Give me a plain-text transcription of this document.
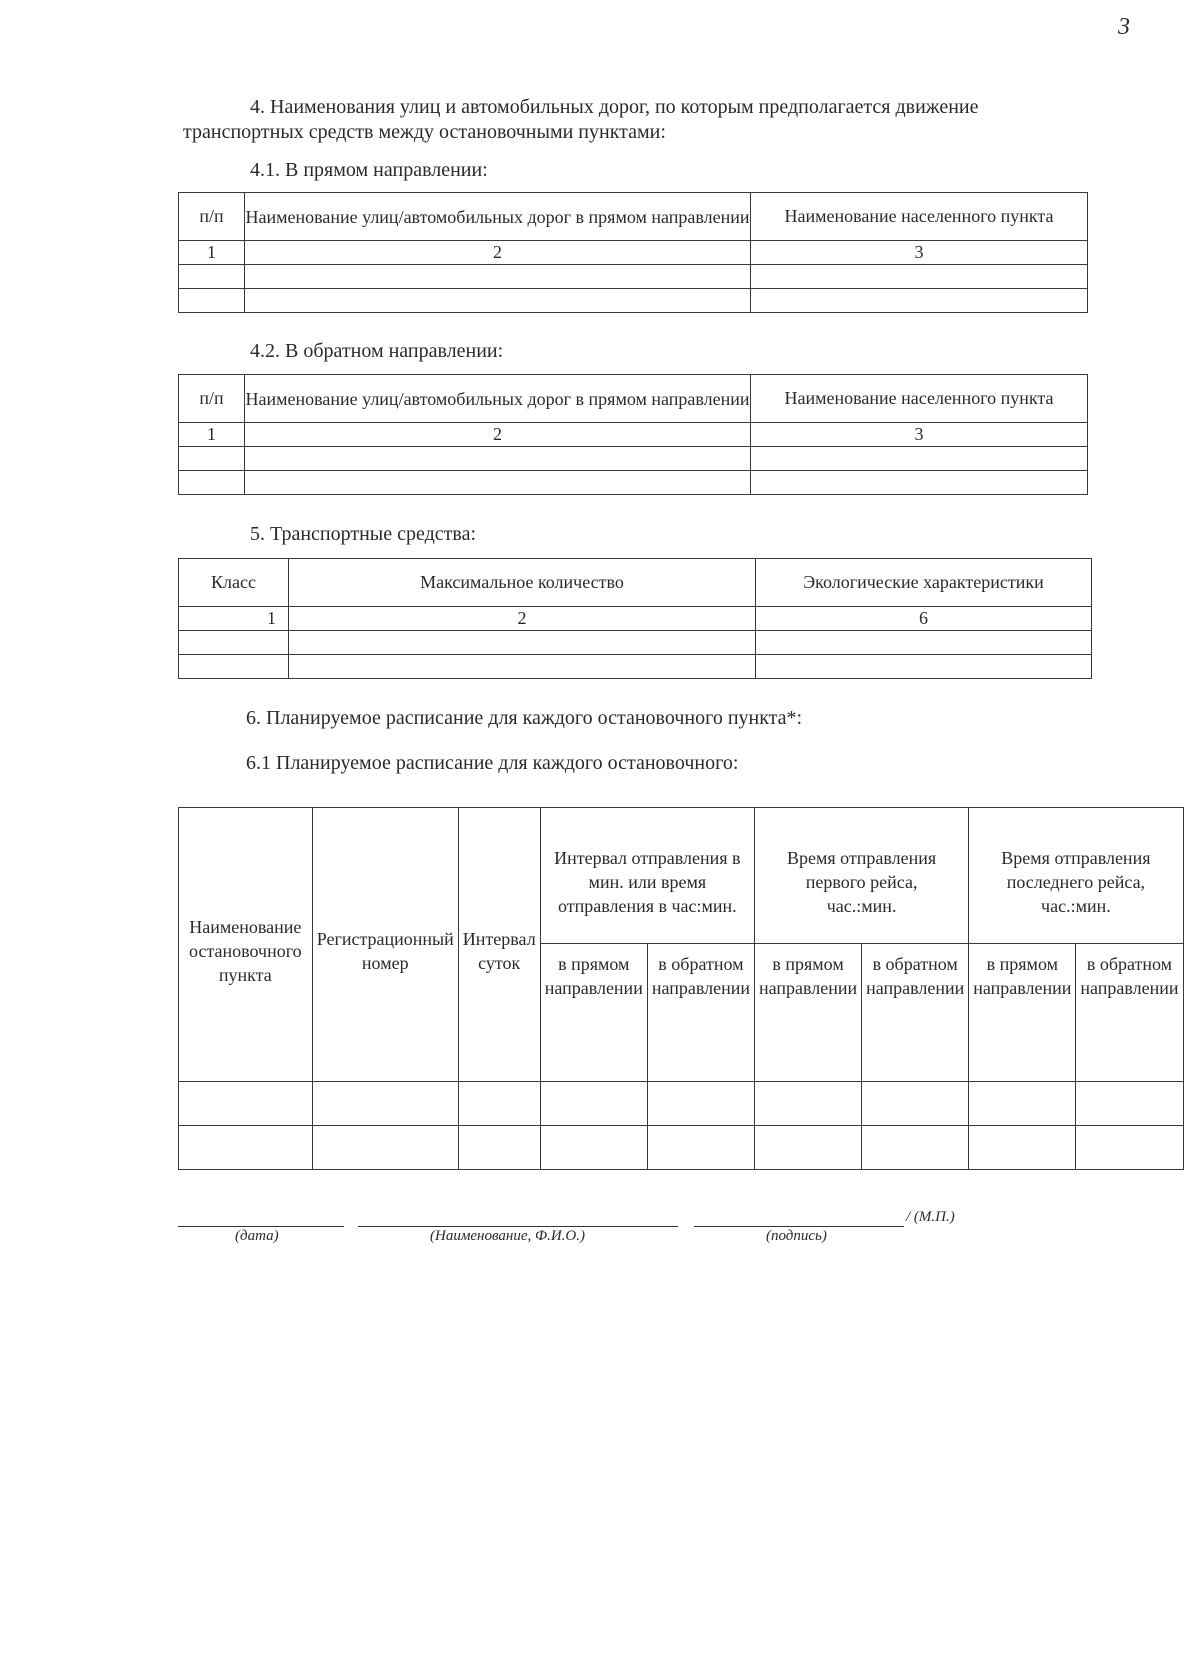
3
4. Наименования улиц и автомобильных дорог, по которым предполагается движение
транспортных средств между остановочными пунктами:
4.1. В прямом направлении:
п/п	Наименование улиц/автомобильных дорог в прямом направлении	Наименование населенного пункта
1	2	3

4.2. В обратном направлении:
п/п	Наименование улиц/автомобильных дорог в прямом направлении	Наименование населенного пункта
1	2	3

5. Транспортные средства:
Класс	Максимальное количество	Экологические характеристики
1	2	6

6. Планируемое расписание для каждого остановочного пункта*:
6.1 Планируемое расписание для каждого остановочного:
Наименование остановочного пункта	Регистрационный номер	Интервал суток	Интервал отправления в мин. или время отправления в час:мин.		Время отправления первого рейса, час.:мин.		Время отправления последнего рейса, час.:мин.	
			в прямом направлении	в обратном направлении	в прямом направлении	в обратном направлении	в прямом направлении	в обратном направлении

/ (М.П.)
(дата)	(Наименование, Ф.И.О.)	(подпись)
